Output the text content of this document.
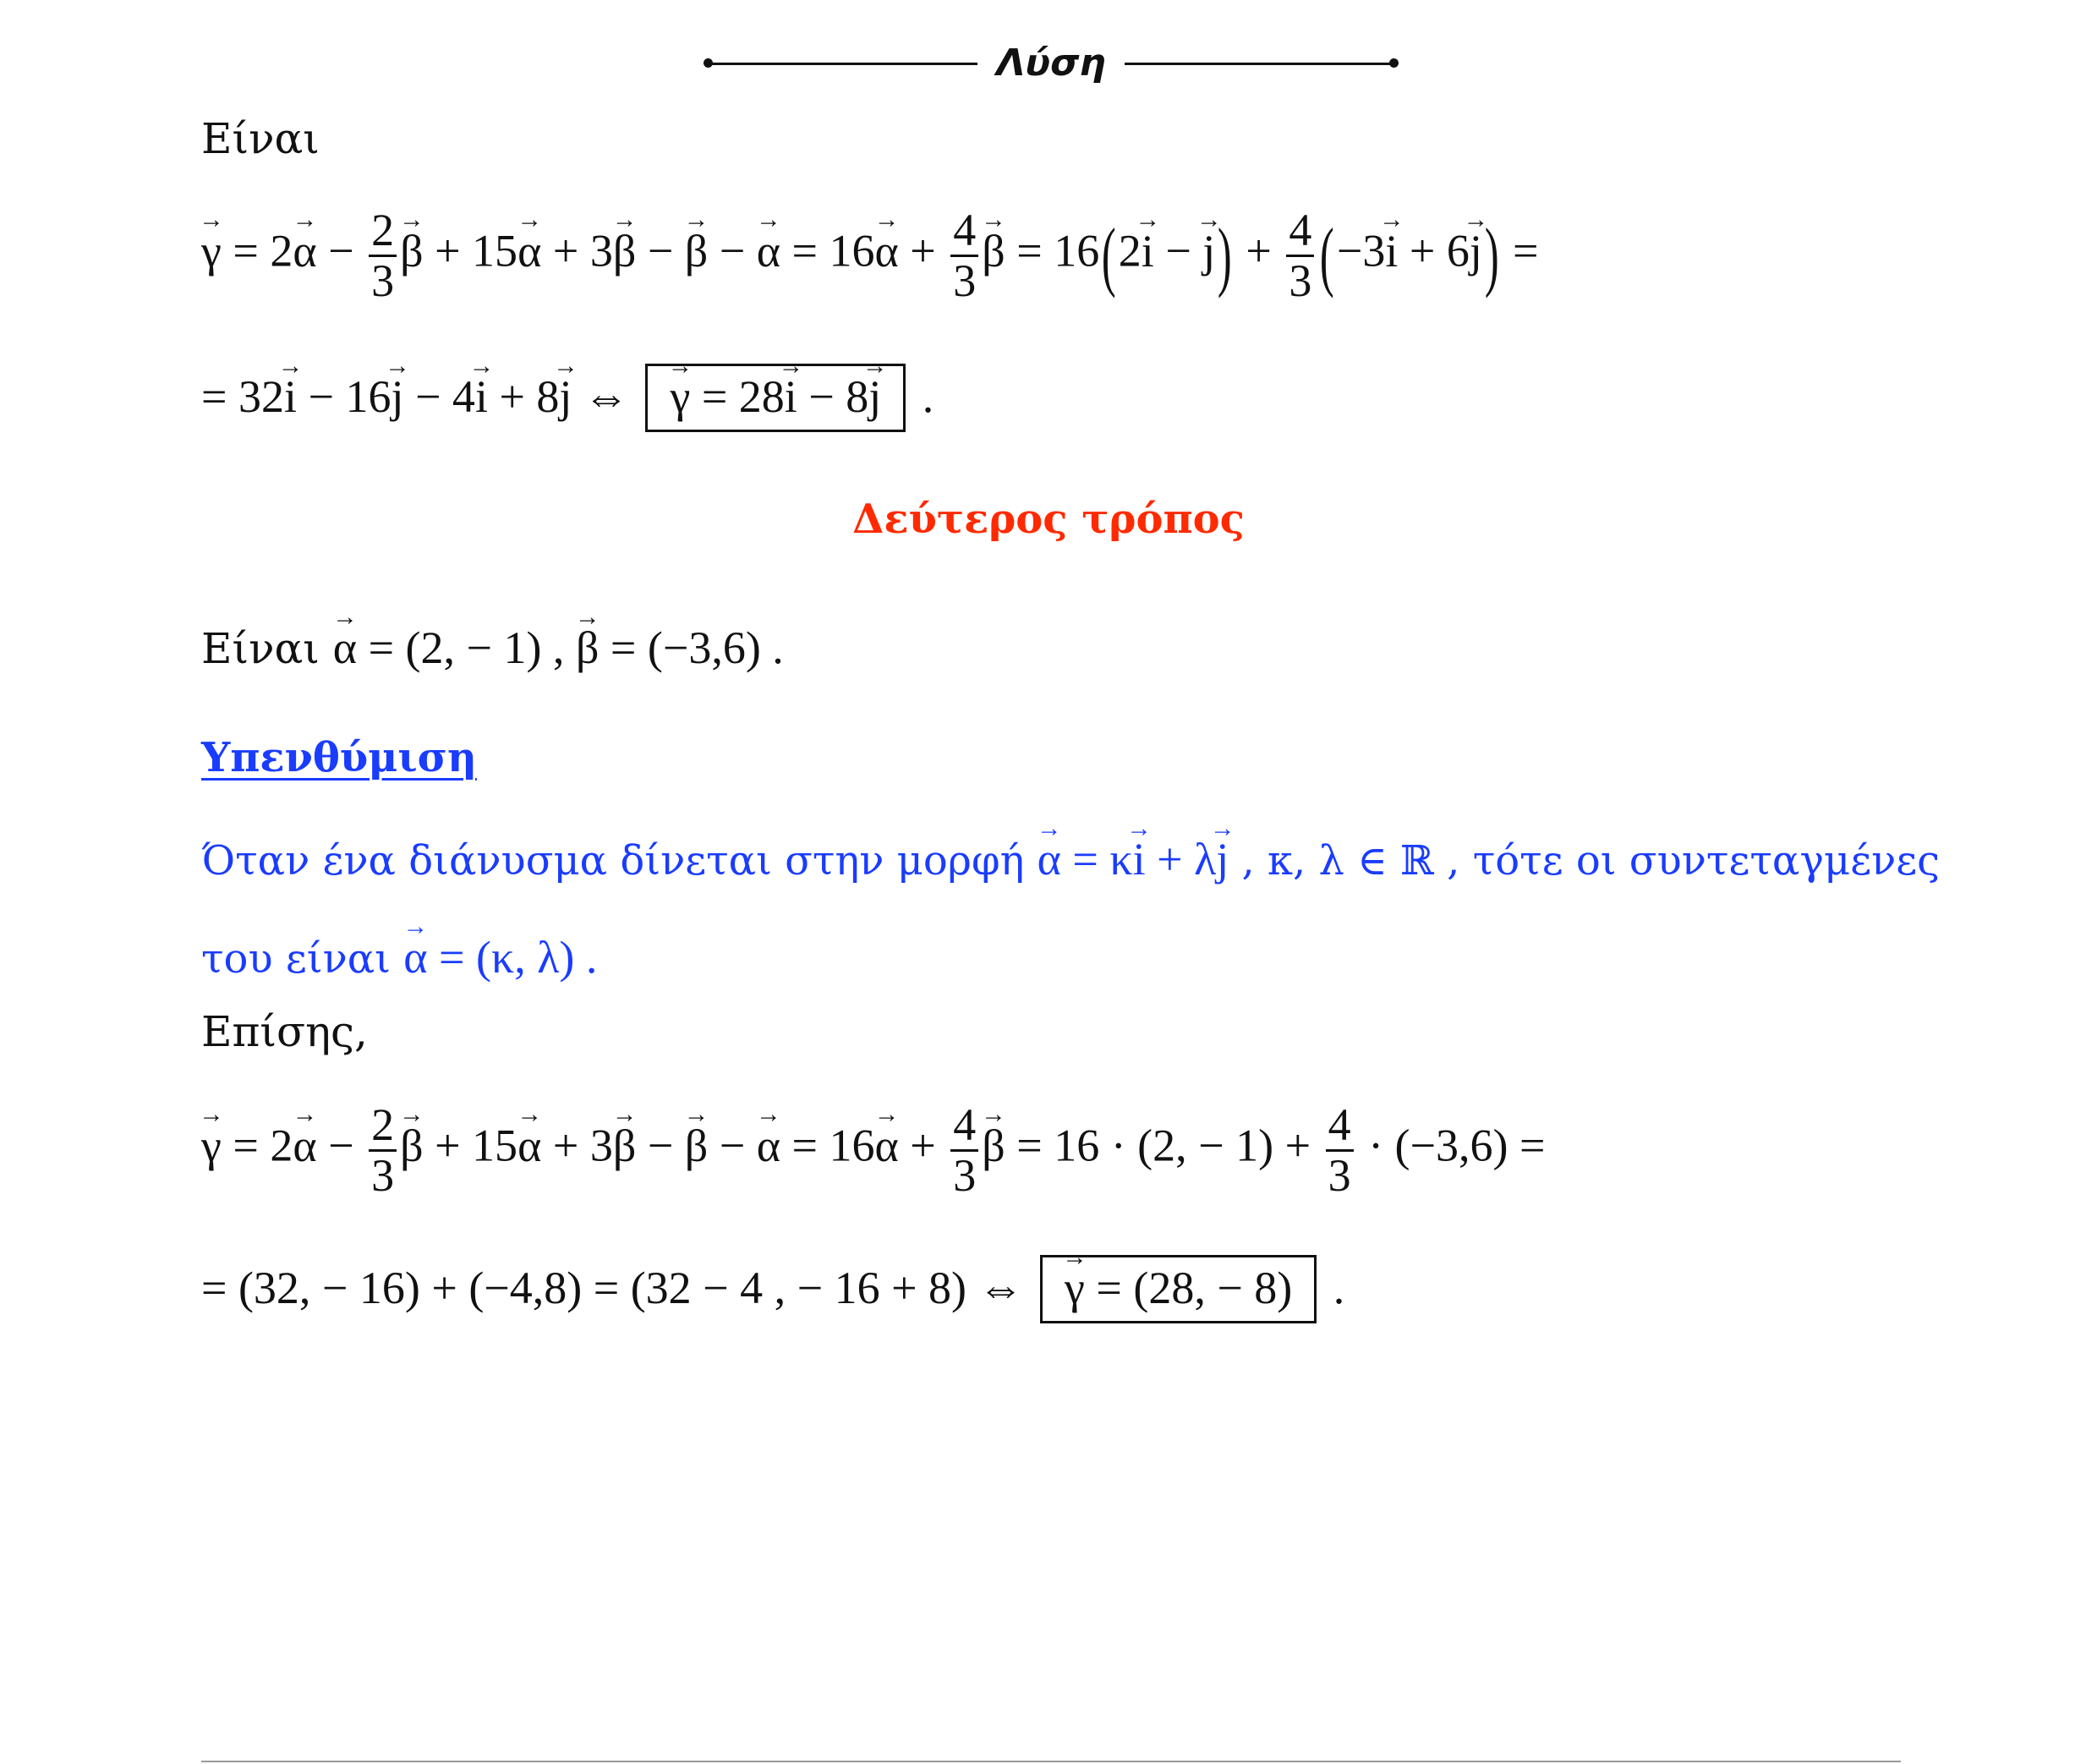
Λύση
Είναι
→ $\gamma = 2\to \alpha - \frac{2}{3}$
→ β + 15→ α + 3→ β − → β − → $\alpha = 16\to \alpha + \frac{4}{3}$
→ β = 16(2→ i − → $j) + \frac{4}{3} (-3\to i + 6\to j)$ =
= 32→ i − 16→ j − 4→ i + 8→ j ⇔ → γ = 28→ i − 8→ j .
Δεύτερος τρόπος
Είναι → α = (2, − 1) , → β = (−3,6) .
Υπενθύμιση
Όταν ένα διάνυσμα δίνεται στην μορφή → α = κ→ i + λ→ j , κ, λ ∈ ℝ , τότε οι συντεταγμένες
του είναι → α = (κ, λ) .
Επίσης,
→ $\gamma = 2\to \alpha - \frac{2}{3}$
→ β + 15→ α + 3→ β − → β − → $\alpha = 16\to \alpha + \frac{4}{3}$
→ β = 16 · (2, − $1) + \frac{4}{3} \cdot (-3,6)$ =
= (32, − 16) + (−4,8) = (32 − 4 , − 16 + 8) ⇔ → γ = (28, − 8) .
